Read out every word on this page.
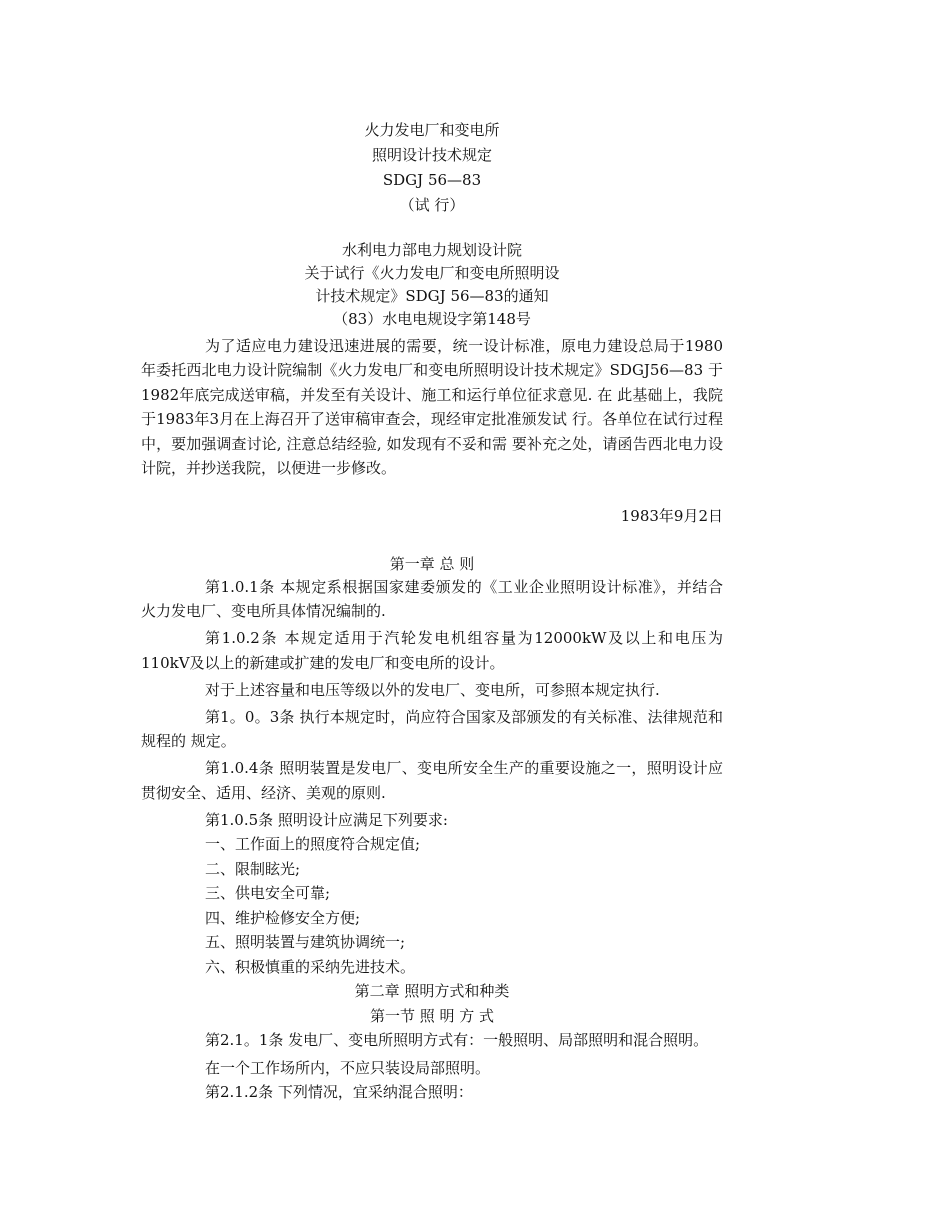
火力发电厂和变电所
照明设计技术规定
SDGJ 56—83
（试 行）
水利电力部电力规划设计院
关于试行《火力发电厂和变电所照明设
计技术规定》SDGJ 56—83的通知
（83）水电电规设字第148号
为了适应电力建设迅速进展的需要，统一设计标准，原电力建设总局于1980 年委托西北电力设计院编制《火力发电厂和变电所照明设计技术规定》SDGJ56—83 于1982年底完成送审稿，并发至有关设计、施工和运行单位征求意见. 在 此基础上，我院于1983年3月在上海召开了送审稿审查会，现经审定批准颁发试 行。各单位在试行过程中，要加强调查讨论, 注意总结经验, 如发现有不妥和需 要补充之处，请函告西北电力设计院，并抄送我院，以便进一步修改。
1983年9月2日
第一章 总 则

第1.0.1条 本规定系根据国家建委颁发的《工业企业照明设计标准》，并结合 火力发电厂、变电所具体情况编制的.

第1.0.2条 本规定适用于汽轮发电机组容量为12000kW及以上和电压为110kV及以上的新建或扩建的发电厂和变电所的设计。

对于上述容量和电压等级以外的发电厂、变电所，可参照本规定执行.

第1。0。3条 执行本规定时，尚应符合国家及部颁发的有关标准、法律规范和规程的 规定。

第1.0.4条 照明装置是发电厂、变电所安全生产的重要设施之一，照明设计应 贯彻安全、适用、经济、美观的原则.

第1.0.5条 照明设计应满足下列要求:

一、工作面上的照度符合规定值;

二、限制眩光;

三、供电安全可靠;

四、维护检修安全方便;

五、照明装置与建筑协调统一;

六、积极慎重的采纳先进技术。

第二章 照明方式和种类

第一节 照 明 方 式

第2.1。1条 发电厂、变电所照明方式有：一般照明、局部照明和混合照明。

在一个工作场所内，不应只装设局部照明。

第2.1.2条 下列情况，宜采纳混合照明：
